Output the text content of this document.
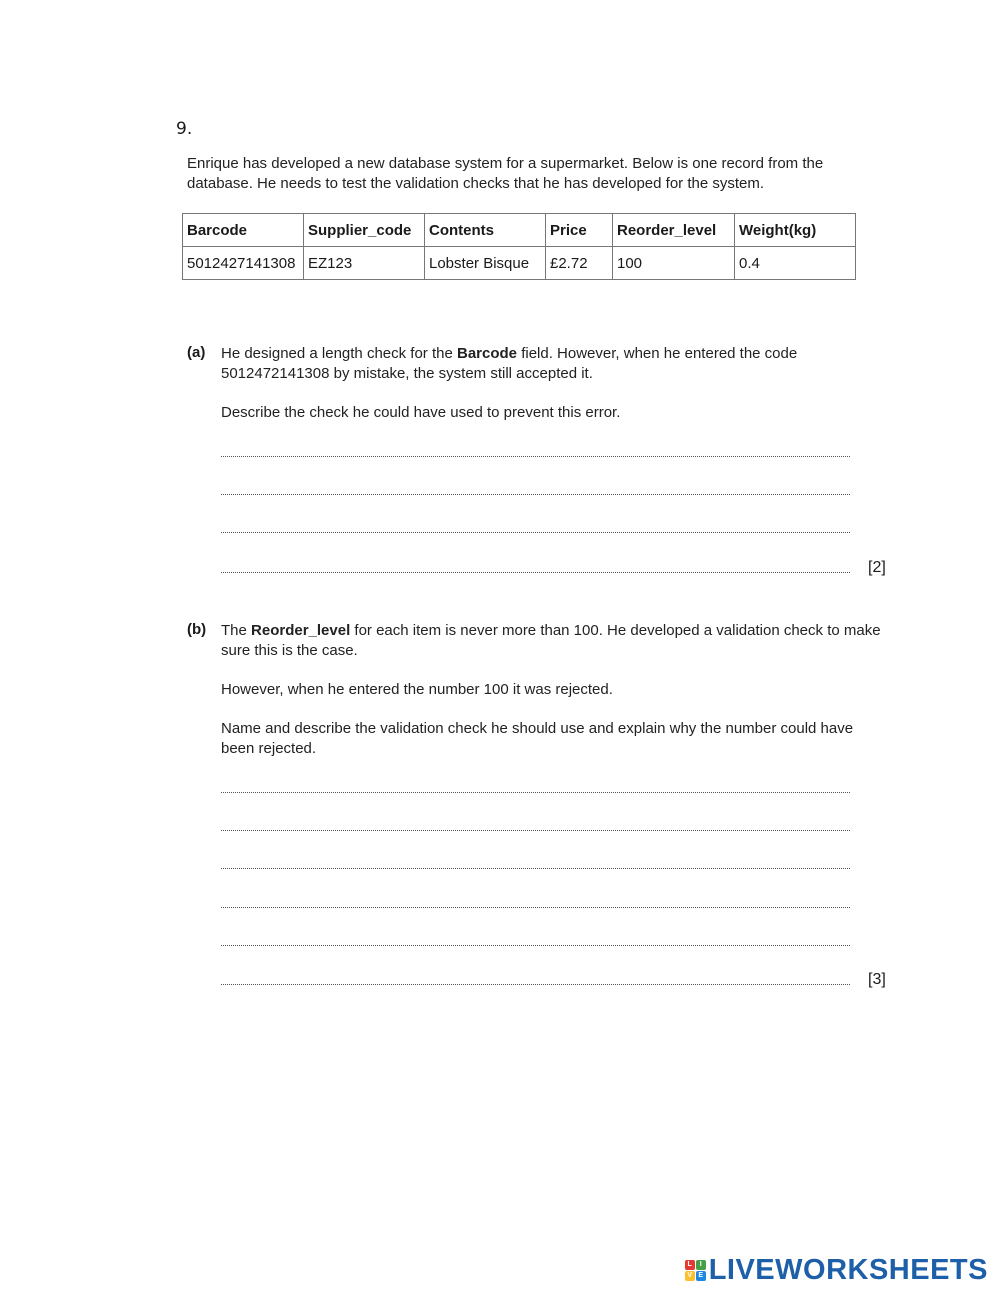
9.
Enrique has developed a new database system for a supermarket. Below is one record from the database. He needs to test the validation checks that he has developed for the system.
Barcode	Supplier_code	Contents	Price	Reorder_level	Weight(kg)
5012427141308	EZ123	Lobster Bisque	£2.72	100	0.4
(a) He designed a length check for the Barcode field. However, when he entered the code 5012472141308 by mistake, the system still accepted it.
Describe the check he could have used to prevent this error.
[2]
(b) The Reorder_level for each item is never more than 100. He developed a validation check to make sure this is the case.
However, when he entered the number 100 it was rejected.
Name and describe the validation check he should use and explain why the number could have been rejected.
[3]
L	I
V E LIVEWORKSHEETS
